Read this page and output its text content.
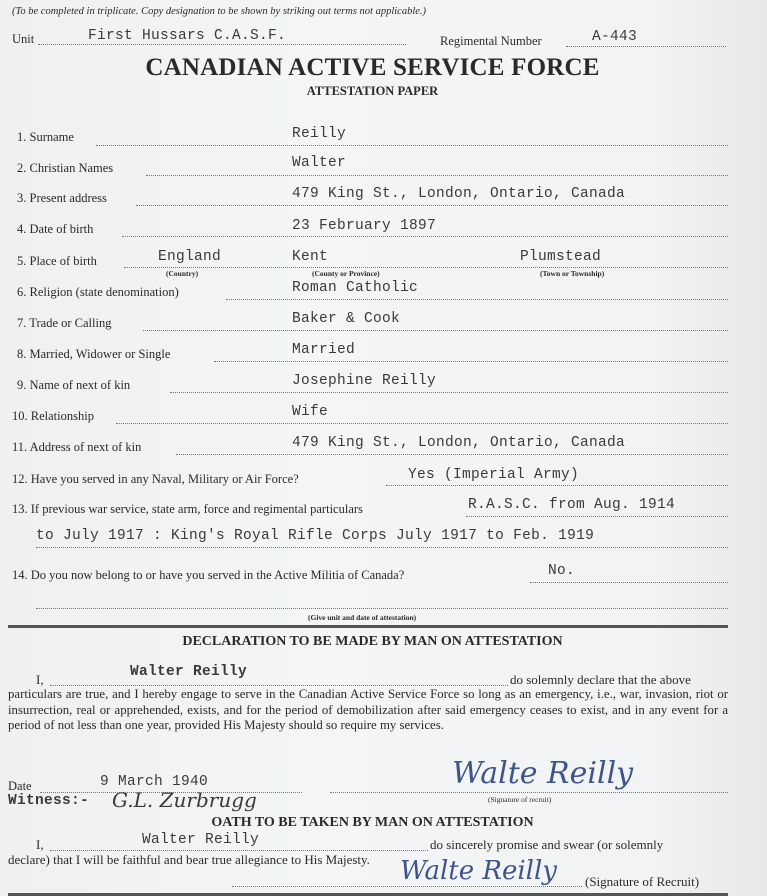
(To be completed in triplicate. Copy designation to be shown by striking out terms not applicable.)
Unit	First Hussars C.A.S.F.	Regimental Number	A-443
CANADIAN ACTIVE SERVICE FORCE
ATTESTATION PAPER
1. Surname	Reilly
2. Christian Names	Walter
3. Present address	479 King St., London, Ontario, Canada
4. Date of birth	23 February 1897
5. Place of birth	England	Kent	Plumstead
(Country)	(County or Province)	(Town or Township)
6. Religion (state denomination)	Roman Catholic
7. Trade or Calling	Baker & Cook
8. Married, Widower or Single	Married
9. Name of next of kin	Josephine Reilly
10. Relationship	Wife
11. Address of next of kin	479 King St., London, Ontario, Canada
12. Have you served in any Naval, Military or Air Force?	Yes (Imperial Army)
13. If previous war service, state arm, force and regimental particulars	R.A.S.C. from Aug. 1914
to July 1917 : King's Royal Rifle Corps July 1917 to Feb. 1919
14. Do you now belong to or have you served in the Active Militia of Canada?	No.
(Give unit and date of attestation)
DECLARATION TO BE MADE BY MAN ON ATTESTATION
I,	Walter Reilly	do solemnly declare that the above
particulars are true, and I hereby engage to serve in the Canadian Active Service Force so long as an emergency, i.e., war, invasion, riot or insurrection, real or apprehended, exists, and for the period of demobilization after said emergency ceases to exist, and in any event for a period of not less than one year, provided His Majesty should so require my services.
Date	9 March 1940	Walte Reilly
(Signature of recruit)
Witness:- G.L. Zurbrugg
OATH TO BE TAKEN BY MAN ON ATTESTATION
I,	Walter Reilly	do sincerely promise and swear (or solemnly
declare) that I will be faithful and bear true allegiance to His Majesty. Walte Reilly (Signature of Recruit)
